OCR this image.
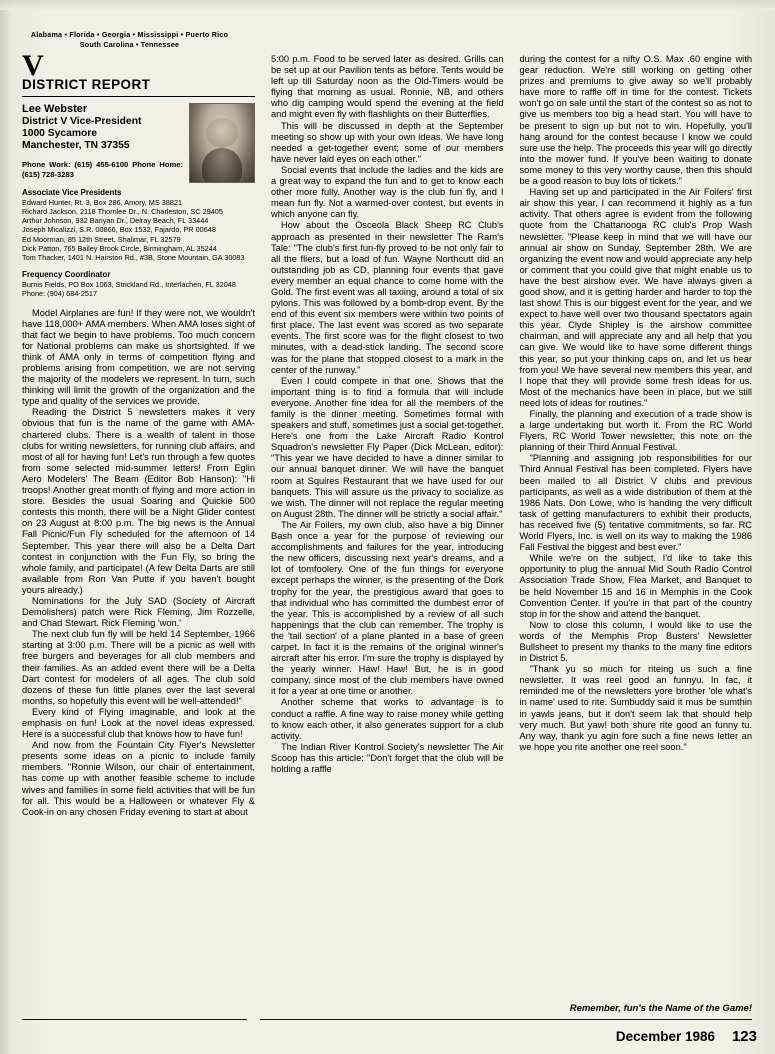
Alabama • Florida • Georgia • Mississippi • Puerto Rico
South Carolina • Tennessee
V
DISTRICT REPORT
Lee Webster
District V Vice-President
1000 Sycamore
Manchester, TN 37355
Phone Work: (615) 455-6100 Phone Home: (615) 728-3283
Associate Vice Presidents
Edward Hunter, Rt. 3, Box 286, Amory, MS 38821
Richard Jackson, 2118 Thornlee Dr., N. Charleston, SC 29405
Arthur Johnson, 932 Banyan Dr., Delray Beach, FL 33444
Joseph Micalizzi, S.R. 00866, Box 1532, Fajardo, PR 00648
Ed Moorman, 85 12th Street, Shalimar, FL 32579
Dick Patton, 765 Bailey Brook Circle, Birmingham, AL 35244
Tom Thacker, 1401 N. Hairston Rd., #3B, Stone Mountain, GA 30083
Frequency Coordinator
Burnis Fields, PO Box 1063, Strickland Rd., Interlachen, FL 32048
Phone: (904) 684-2517

Model Airplanes are fun! If they were not, we wouldn't have 118,000+ AMA members. When AMA loses sight of that fact we begin to have problems. Too much concern for National problems can make us shortsighted. If we think of AMA only in terms of competition flying and problems arising from competition, we are not serving the majority of the modelers we represent. In turn, such thinking will limit the growth of the organization and the type and quality of the services we provide.

Reading the District 5 newsletters makes it very obvious that fun is the name of the game with AMA-chartered clubs. There is a wealth of talent in those clubs for writing newsletters, for running club affairs, and most of all for having fun! Let's run through a few quotes from some selected mid-summer letters! From Eglin Aero Modelers' The Beam (Editor Bob Hanson): "Hi troops! Another great month of flying and more action in store. Besides the usual Soaring and Quickie 500 contests this month, there will be a Night Glider contest on 23 August at 8:00 p.m. The big news is the Annual Fall Picnic/Fun Fly scheduled for the afternoon of 14 September. This year there will also be a Delta Dart contest in conjunction with the Fun Fly, so bring the whole family, and participate! (A few Delta Darts are still available from Ron Van Putte if you haven't bought yours already.)

Nominations for the July SAD (Society of Aircraft Demolishers) patch were Rick Fleming, Jim Rozzelle, and Chad Stewart. Rick Fleming 'won.'

The next club fun fly will be held 14 September, 1966 starting at 3:00 p.m. There will be a picnic as well with free burgers and beverages for all club members and their families. As an added event there will be a Delta Dart contest for modelers of all ages. The club sold dozens of these fun little planes over the last several months, so hopefully this event will be well-attended!"

Every kind of Flying imaginable, and look at the emphasis on fun! Look at the novel ideas expressed. Here is a successful club that knows how to have fun!

And now from the Fountain City Flyer's Newsletter presents some ideas on a picnic to include family members. "Ronnie Wilson, our chair of entertainment, has come up with another feasible scheme to include wives and families in some field activities that will be fun for all. This would be a Halloween or whatever Fly & Cook-in on any chosen Friday evening to start at about

5:00 p.m. Food to be served later as desired. Grills can be set up at our Pavilion tents as before. Tents would be left up till Saturday noon as the Old-Timers would be flying that morning as usual. Ronnie, NB, and others who dig camping would spend the evening at the field and might even fly with flashlights on their Butterflies.

This will be discussed in depth at the September meeting so show up with your own ideas. We have long needed a get-together event; some of our members have never laid eyes on each other."

Social events that include the ladies and the kids are a great way to expand the fun and to get to know each other more fully. Another way is the club fun fly, and I mean fun fly. Not a warmed-over contest, but events in which anyone can fly.

How about the Osceola Black Sheep RC Club's approach as presented in their newsletter The Ram's Tale: "The club's first fun-fly proved to be not only fair to all the fliers, but a load of fun. Wayne Northcutt did an outstanding job as CD, planning four events that gave every member an equal chance to come home with the Gold. The first event was all taxiing, around a total of six pylons. This was followed by a bomb-drop event. By the end of this event six members were within two points of first place. The last event was scored as two separate events. The first score was for the flight closest to two minutes, with a dead-stick landing. The second score was for the plane that stopped closest to a mark in the center of the runway."

Even I could compete in that one. Shows that the important thing is to find a formula that will include everyone. Another fine idea for all the members of the family is the dinner meeting. Sometimes formal with speakers and stuff, sometimes just a social get-together. Here's one from the Lake Aircraft Radio Kontrol Squadron's newsletter Fly Paper (Dick McLean, editor): "This year we have decided to have a dinner similar to our annual banquet dinner. We will have the banquet room at Squires Restaurant that we have used for our banquets. This will assure us the privacy to socialize as we wish. The dinner will not replace the regular meeting on August 28th. The dinner will be strictly a social affair."

The Air Foilers, my own club, also have a big Dinner Bash once a year for the purpose of reviewing our accomplishments and failures for the year, introducing the new officers, discussing next year's dreams, and a lot of tomfoolery. One of the fun things for everyone except perhaps the winner, is the presenting of the Dork trophy for the year, the prestigious award that goes to that individual who has committed the dumbest error of the year. This is accomplished by a review of all such happenings that the club can remember. The trophy is the 'tail section' of a plane planted in a base of green carpet. In fact it is the remains of the original winner's aircraft after his error. I'm sure the trophy is displayed by the yearly winner. Haw! Haw! But, he is in good company, since most of the club members have owned it for a year at one time or another.

Another scheme that works to advantage is to conduct a raffle. A fine way to raise money while getting to know each other, it also generates support for a club activity.

The Indian River Kontrol Society's newsletter The Air Scoop has this article: "Don't forget that the club will be holding a raffle

during the contest for a nifty O.S. Max .60 engine with gear reduction. We're still working on getting other prizes and premiums to give away so we'll probably have more to raffle off in time for the contest. Tickets won't go on sale until the start of the contest so as not to give us members too big a head start. You will have to be present to sign up but not to win. Hopefully, you'll hang around for the contest because I know we could sure use the help. The proceeds this year will go directly into the mower fund. If you've been waiting to donate some money to this very worthy cause, then this should be a good reason to buy lots of tickets."

Having set up and participated in the Air Foilers' first air show this year, I can recommend it highly as a fun activity. That others agree is evident from the following quote from the Chattanooga RC club's Prop Wash newsletter. "Please keep in mind that we will have our annual air show on Sunday, September 28th. We are organizing the event now and would appreciate any help or comment that you could give that might enable us to have the best airshow ever. We have always given a good show, and it is getting harder and harder to top the last show! This is our biggest event for the year, and we expect to have well over two thousand spectators again this year. Clyde Shipley is the airshow committee chairman, and will appreciate any and all help that you can give. We would like to have some different things this year, so put your thinking caps on, and let us hear from you! We have several new members this year, and I hope that they will provide some fresh ideas for us. Most of the mechanics have been in place, but we still need lots of ideas for routines."

Finally, the planning and execution of a trade show is a large undertaking but worth it. From the RC World Flyers, RC World Tower newsletter, this note on the planning of their Third Annual Festival.

"Planning and assigning job responsibilities for our Third Annual Festival has been completed. Flyers have been mailed to all District V clubs and previous participants, as well as a wide distribution of them at the 1986 Nats. Don Lowe, who is handing the very difficult task of getting manufacturers to exhibit their products, has received five (5) tentative commitments, so far. RC World Flyers, Inc. is well on its way to making the 1986 Fall Festival the biggest and best ever."

While we're on the subject, I'd like to take this opportunity to plug the annual Mid South Radio Control Association Trade Show, Flea Market, and Banquet to be held November 15 and 16 in Memphis in the Cook Convention Center. If you're in that part of the country stop in for the show and attend the banquet.

Now to close this column, I would like to use the words of the Memphis Prop Busters' Newsletter Bullsheet to present my thanks to the many fine editors in District 5.

"Thank yu so much for riteing us such a fine newsletter. It was reel good an funnyu. In fac, it reminded me of the newsletters yore brother 'ole what's in name' used to rite. Sumbuddy said it mus be sumthin in yawls jeans, but it don't seem lak that should help very much. But yaw! both shure rite good an funny tu. Any way, thank yu agin fore such a fine news letter an we hope you rite another one reel soon."

Remember, fun's the Name of the Game!
December 1986 123
